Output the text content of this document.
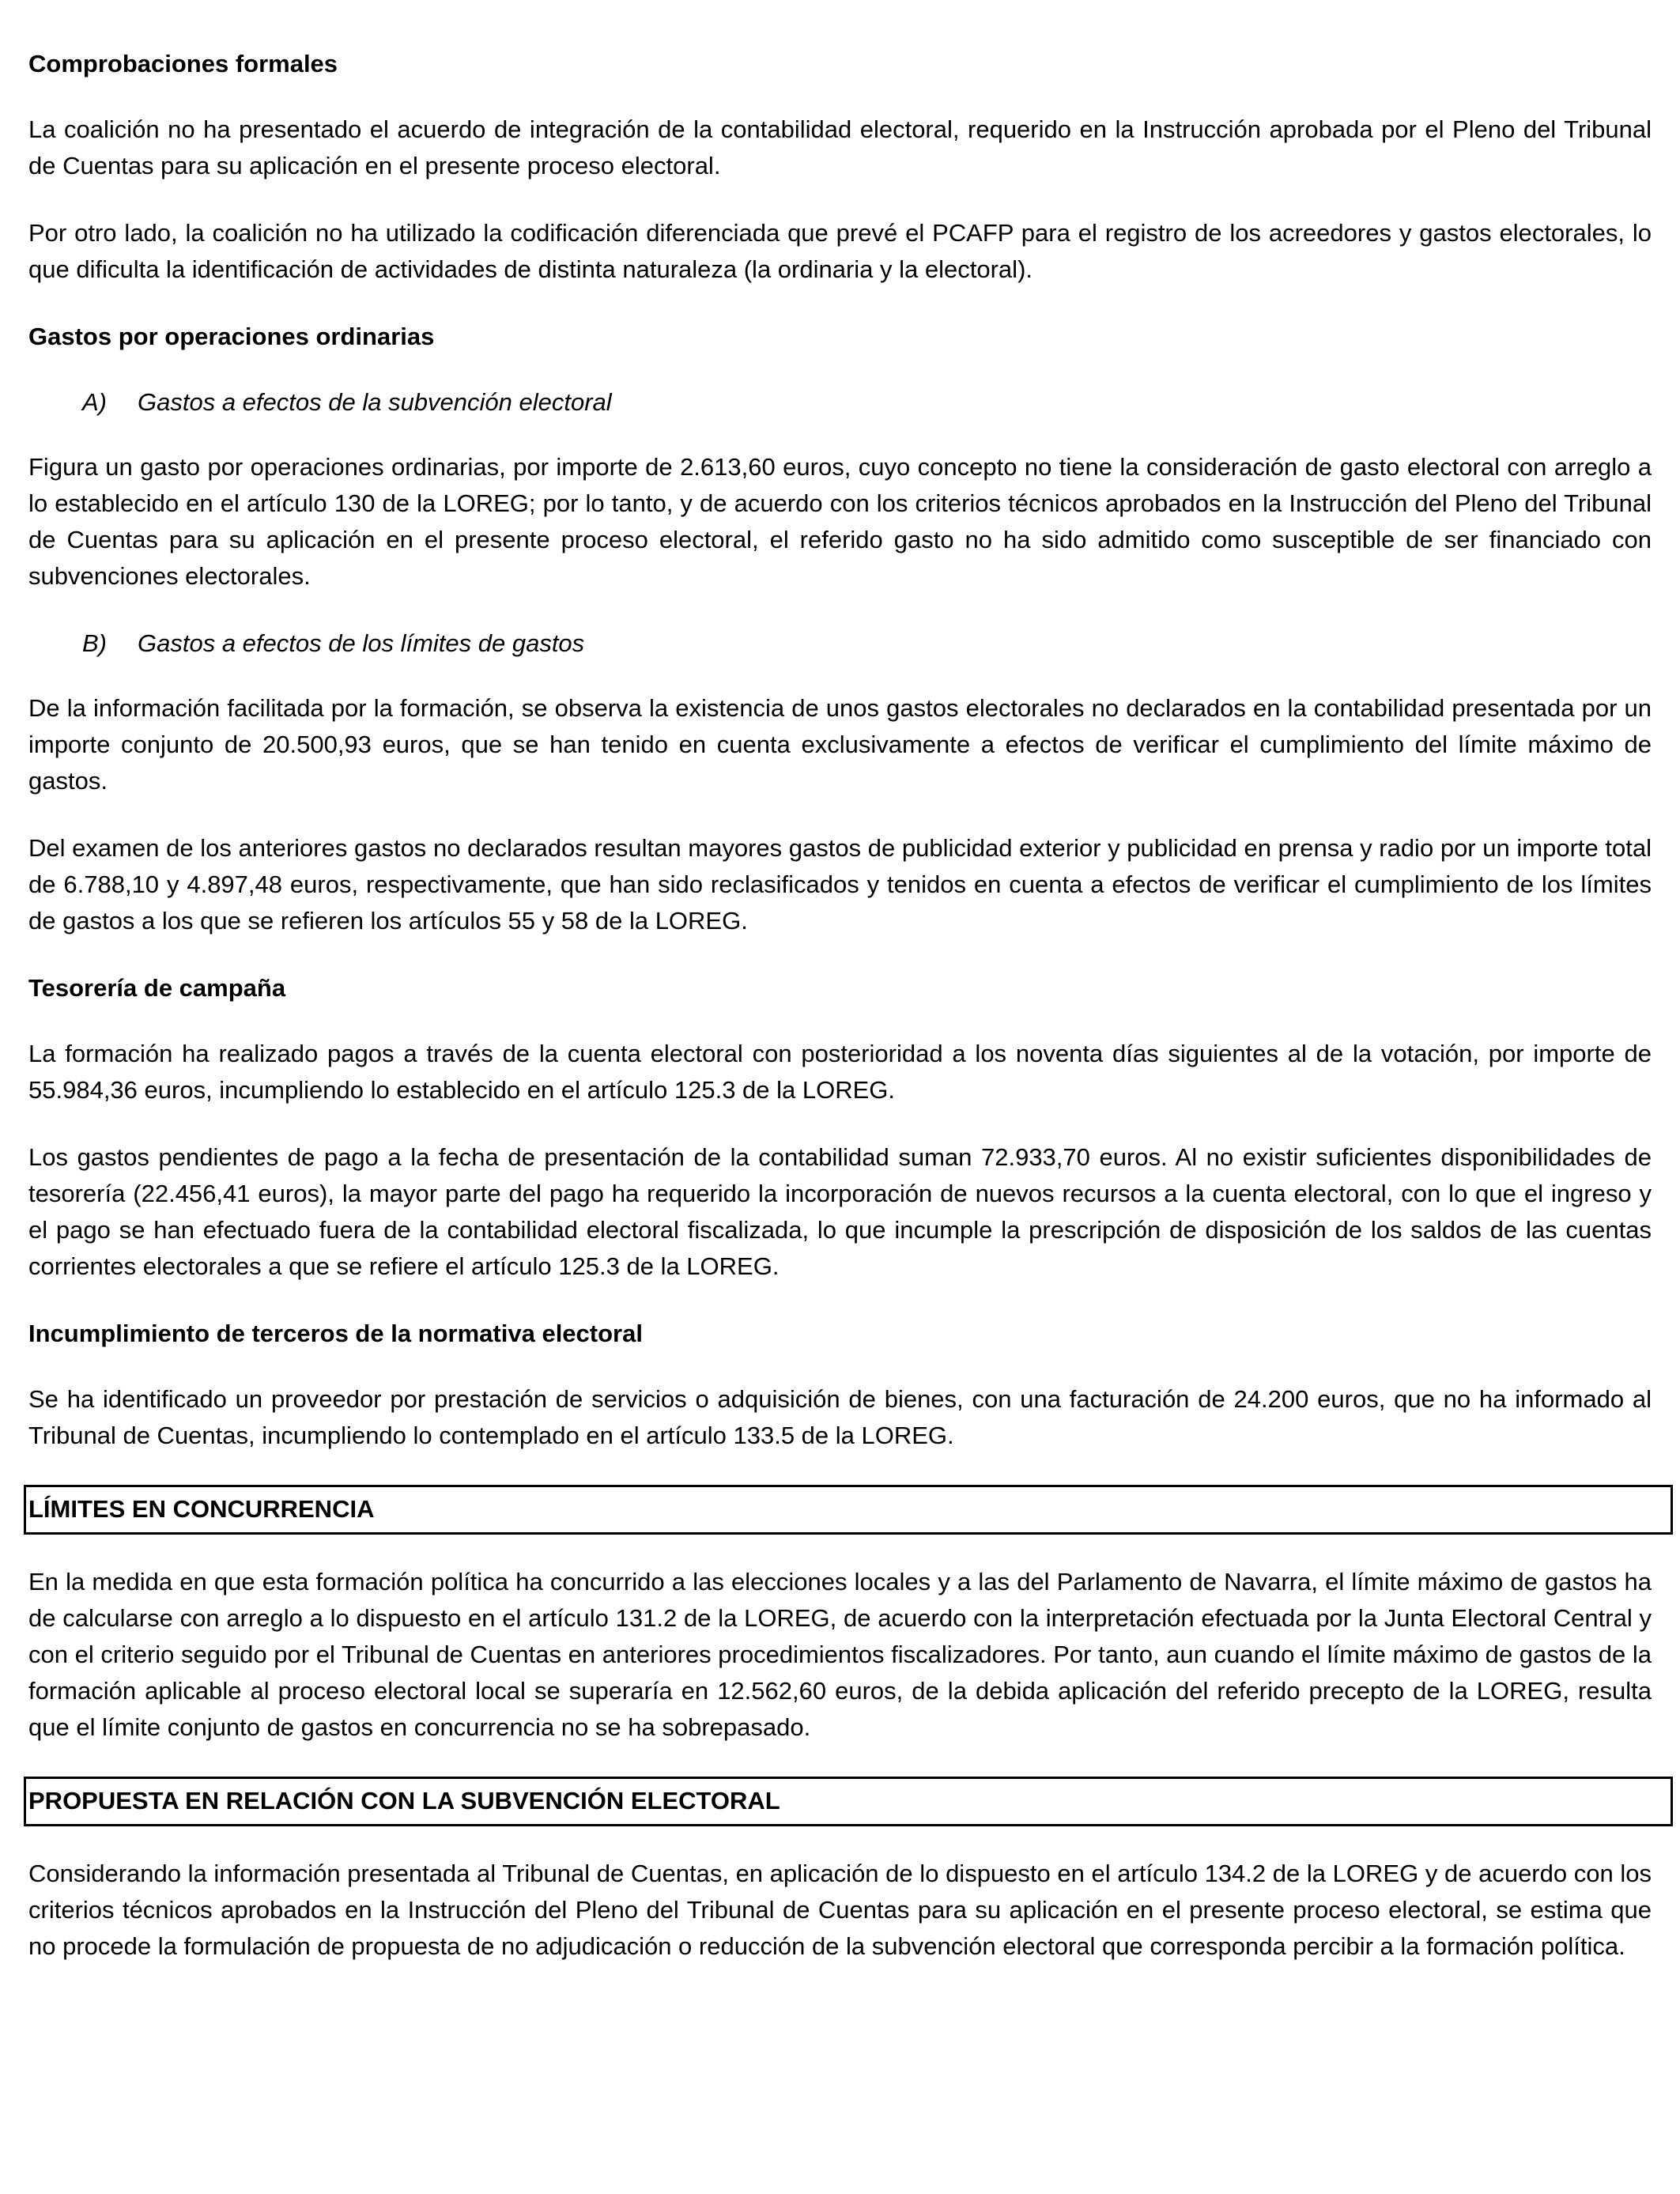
Comprobaciones formales

La coalición no ha presentado el acuerdo de integración de la contabilidad electoral, requerido en la Instrucción aprobada por el Pleno del Tribunal de Cuentas para su aplicación en el presente proceso electoral.

Por otro lado, la coalición no ha utilizado la codificación diferenciada que prevé el PCAFP para el registro de los acreedores y gastos electorales, lo que dificulta la identificación de actividades de distinta naturaleza (la ordinaria y la electoral).

Gastos por operaciones ordinarias

A) Gastos a efectos de la subvención electoral

Figura un gasto por operaciones ordinarias, por importe de 2.613,60 euros, cuyo concepto no tiene la consideración de gasto electoral con arreglo a lo establecido en el artículo 130 de la LOREG; por lo tanto, y de acuerdo con los criterios técnicos aprobados en la Instrucción del Pleno del Tribunal de Cuentas para su aplicación en el presente proceso electoral, el referido gasto no ha sido admitido como susceptible de ser financiado con subvenciones electorales.

B) Gastos a efectos de los límites de gastos

De la información facilitada por la formación, se observa la existencia de unos gastos electorales no declarados en la contabilidad presentada por un importe conjunto de 20.500,93 euros, que se han tenido en cuenta exclusivamente a efectos de verificar el cumplimiento del límite máximo de gastos.

Del examen de los anteriores gastos no declarados resultan mayores gastos de publicidad exterior y publicidad en prensa y radio por un importe total de 6.788,10 y 4.897,48 euros, respectivamente, que han sido reclasificados y tenidos en cuenta a efectos de verificar el cumplimiento de los límites de gastos a los que se refieren los artículos 55 y 58 de la LOREG.

Tesorería de campaña

La formación ha realizado pagos a través de la cuenta electoral con posterioridad a los noventa días siguientes al de la votación, por importe de 55.984,36 euros, incumpliendo lo establecido en el artículo 125.3 de la LOREG.

Los gastos pendientes de pago a la fecha de presentación de la contabilidad suman 72.933,70 euros. Al no existir suficientes disponibilidades de tesorería (22.456,41 euros), la mayor parte del pago ha requerido la incorporación de nuevos recursos a la cuenta electoral, con lo que el ingreso y el pago se han efectuado fuera de la contabilidad electoral fiscalizada, lo que incumple la prescripción de disposición de los saldos de las cuentas corrientes electorales a que se refiere el artículo 125.3 de la LOREG.

Incumplimiento de terceros de la normativa electoral

Se ha identificado un proveedor por prestación de servicios o adquisición de bienes, con una facturación de 24.200 euros, que no ha informado al Tribunal de Cuentas, incumpliendo lo contemplado en el artículo 133.5 de la LOREG.

LÍMITES EN CONCURRENCIA

En la medida en que esta formación política ha concurrido a las elecciones locales y a las del Parlamento de Navarra, el límite máximo de gastos ha de calcularse con arreglo a lo dispuesto en el artículo 131.2 de la LOREG, de acuerdo con la interpretación efectuada por la Junta Electoral Central y con el criterio seguido por el Tribunal de Cuentas en anteriores procedimientos fiscalizadores. Por tanto, aun cuando el límite máximo de gastos de la formación aplicable al proceso electoral local se superaría en 12.562,60 euros, de la debida aplicación del referido precepto de la LOREG, resulta que el límite conjunto de gastos en concurrencia no se ha sobrepasado.

PROPUESTA EN RELACIÓN CON LA SUBVENCIÓN ELECTORAL

Considerando la información presentada al Tribunal de Cuentas, en aplicación de lo dispuesto en el artículo 134.2 de la LOREG y de acuerdo con los criterios técnicos aprobados en la Instrucción del Pleno del Tribunal de Cuentas para su aplicación en el presente proceso electoral, se estima que no procede la formulación de propuesta de no adjudicación o reducción de la subvención electoral que corresponda percibir a la formación política.
